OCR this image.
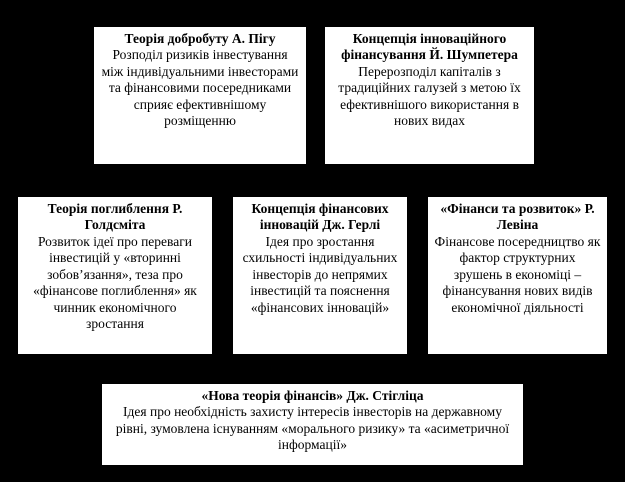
Теорія добробуту А. Пігу
Розподіл ризиків інвестування між індивідуальними інвесторами та фінансовими посередниками сприяє ефективнішому розміщенню
Концепція інноваційного фінансування Й. Шумпетера
Перерозподіл капіталів з традиційних галузей з метою їх ефективнішого використання в нових видах
Теорія поглиблення Р. Голдсміта
Розвиток ідеї про переваги інвестицій у «вторинні зобов’язання», теза про «фінансове поглиблення» як чинник економічного зростання
Концепція фінансових інновацій Дж. Герлі
Ідея про зростання схильності індивідуальних інвесторів до непрямих інвестицій та пояснення «фінансових інновацій»
«Фінанси та розвиток» Р. Левіна
Фінансове посередництво як фактор структурних зрушень в економіці – фінансування нових видів економічної діяльності
«Нова теорія фінансів» Дж. Стігліца
Ідея про необхідність захисту інтересів інвесторів на державному рівні, зумовлена існуванням «морального ризику» та «асиметричної інформації»
